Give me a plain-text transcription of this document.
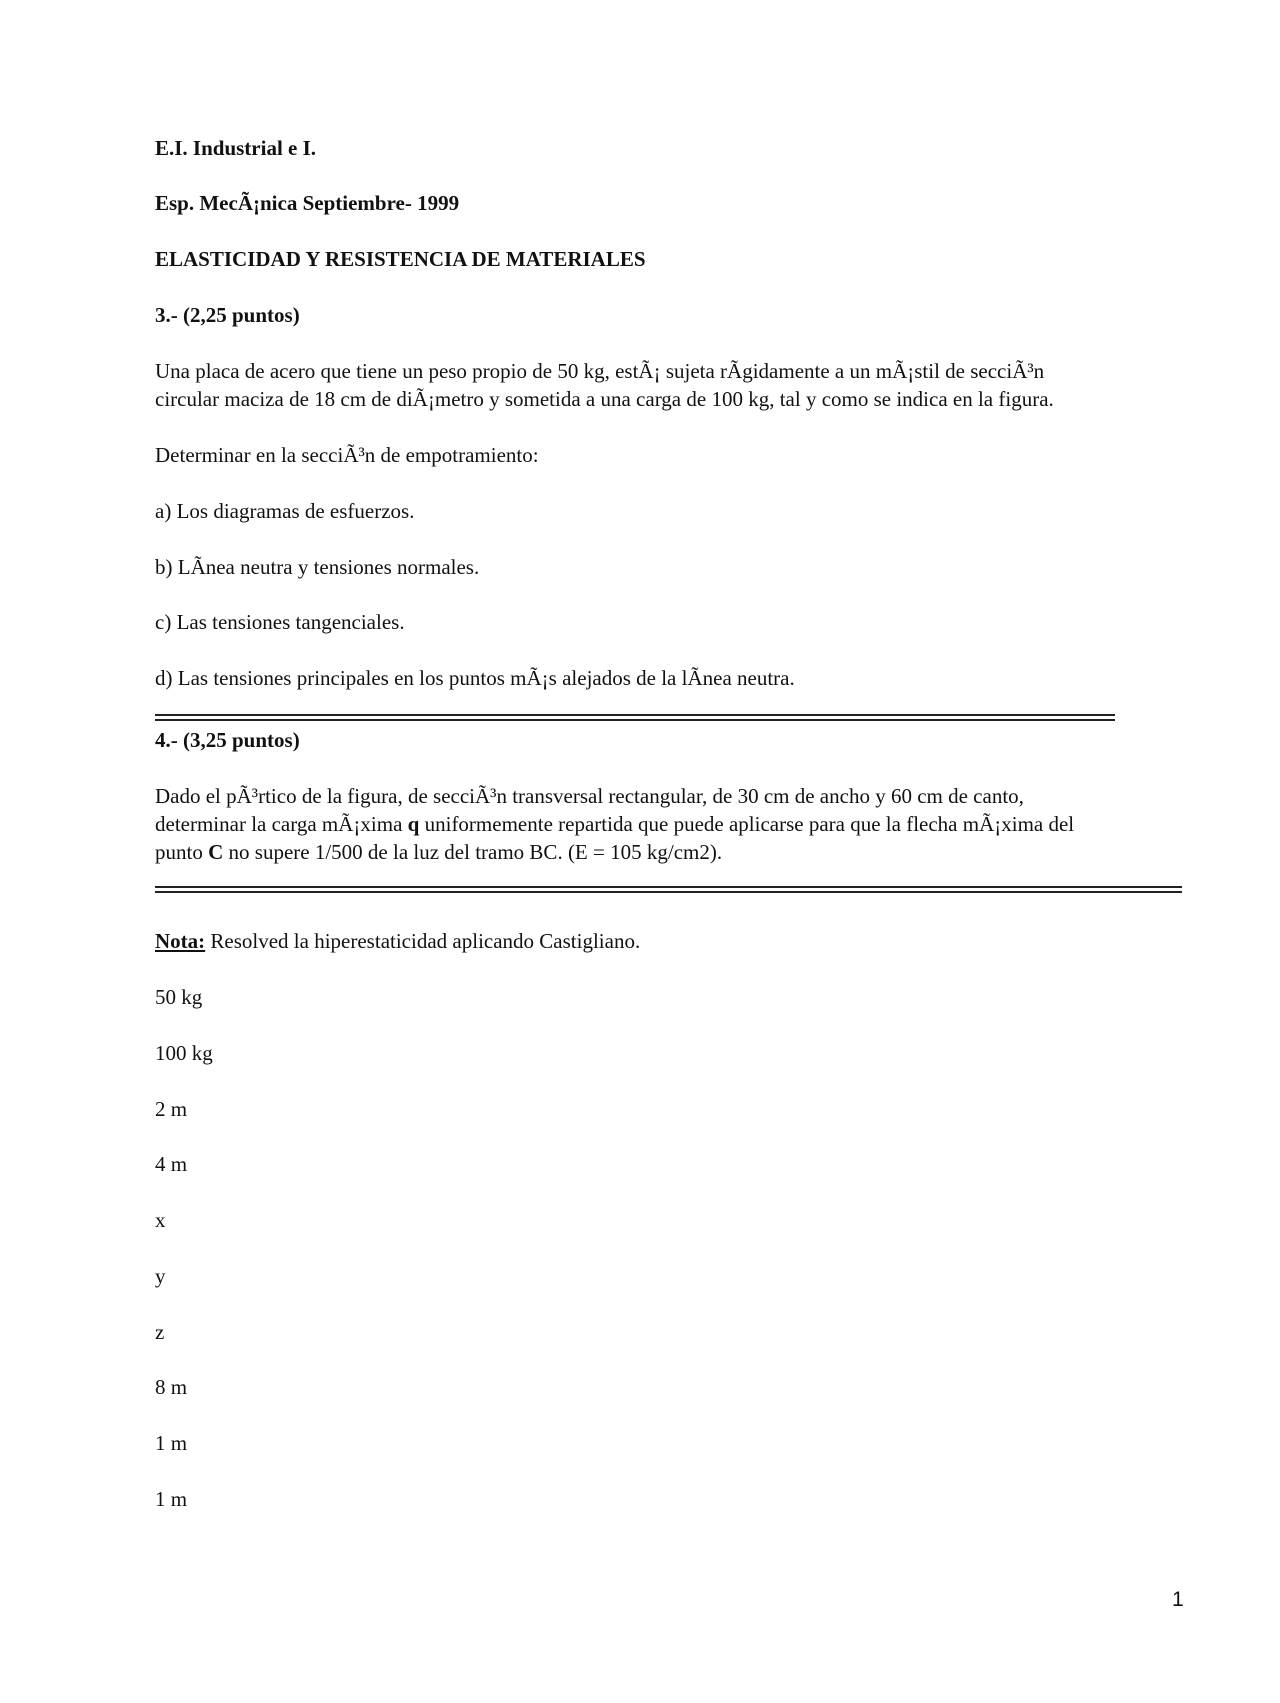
E.I. Industrial e I.
Esp. MecÃ¡nica Septiembre- 1999
ELASTICIDAD Y RESISTENCIA DE MATERIALES
3.- (2,25 puntos)
Una placa de acero que tiene un peso propio de 50 kg, estÃ¡ sujeta rÃgidamente a un mÃ¡stil de secciÃ³n
circular maciza de 18 cm de diÃ¡metro y sometida a una carga de 100 kg, tal y como se indica en la figura.
Determinar en la secciÃ³n de empotramiento:
a) Los diagramas de esfuerzos.
b) LÃnea neutra y tensiones normales.
c) Las tensiones tangenciales.
d) Las tensiones principales en los puntos mÃ¡s alejados de la lÃnea neutra.
4.- (3,25 puntos)
Dado el pÃ³rtico de la figura, de secciÃ³n transversal rectangular, de 30 cm de ancho y 60 cm de canto,
determinar la carga mÃ¡xima q uniformemente repartida que puede aplicarse para que la flecha mÃ¡xima del
punto C no supere 1/500 de la luz del tramo BC. (E = 105 kg/cm2).
Nota: Resolved la hiperestaticidad aplicando Castigliano.
50 kg
100 kg
2 m
4 m
x
y
z
8 m
1 m
1 m
1
